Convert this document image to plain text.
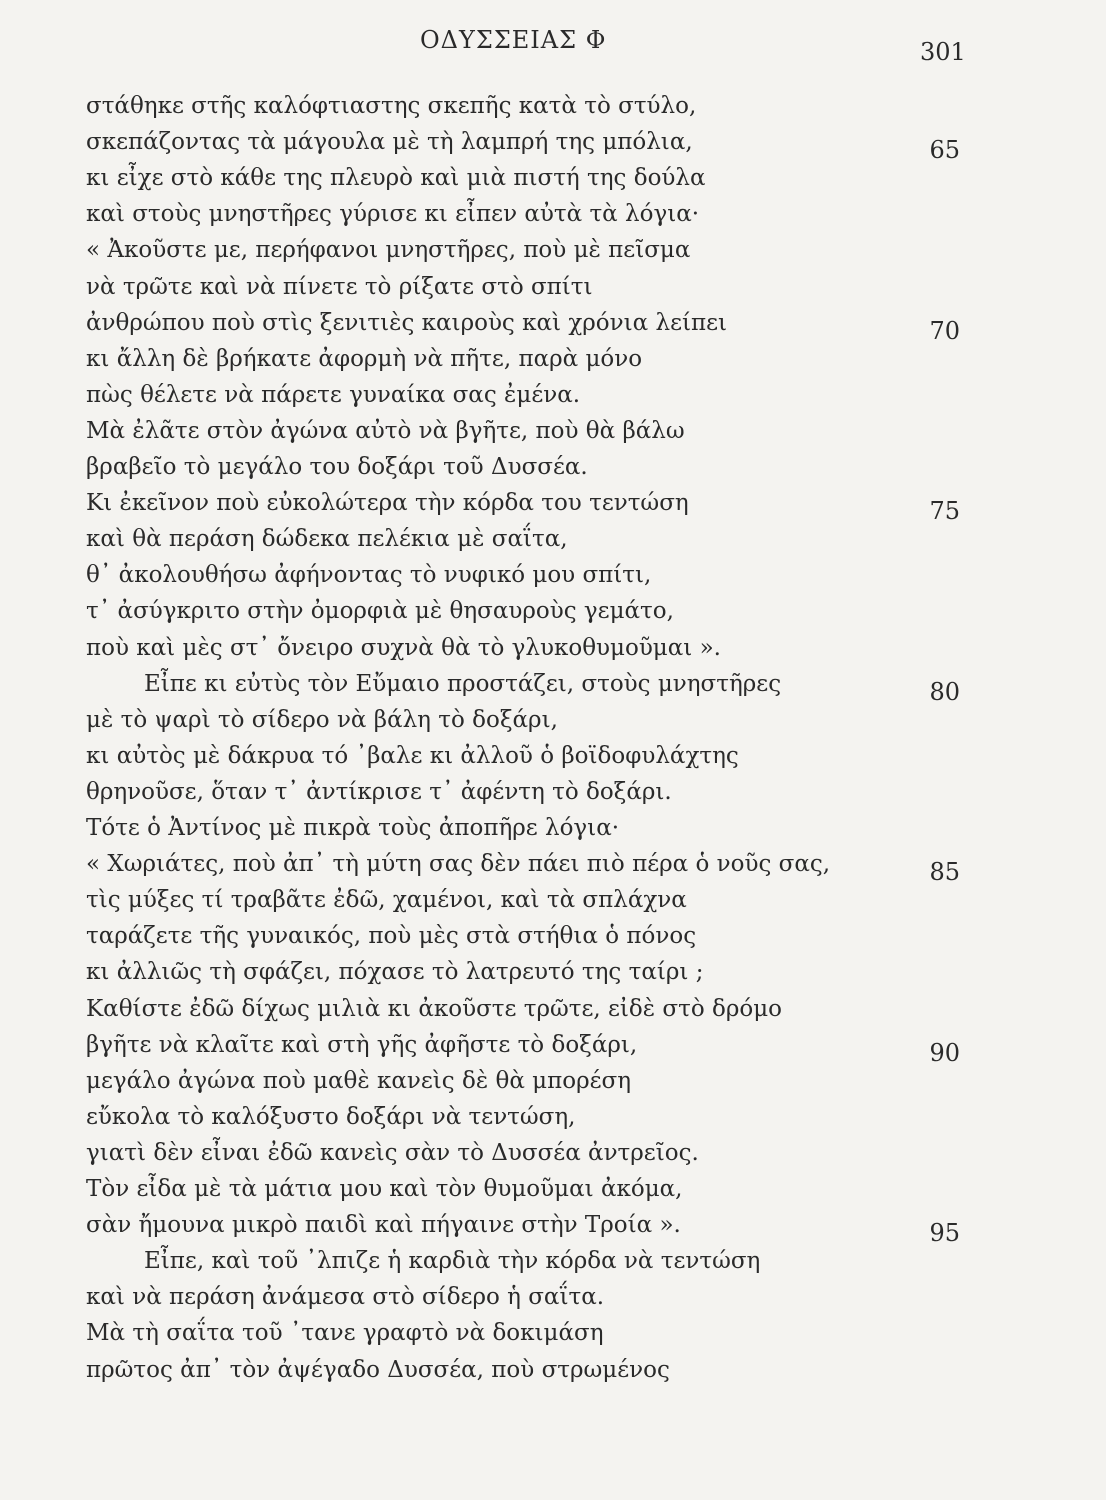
ΟΔΥΣΣΕΙΑΣ Φ	301
στάθηκε στῆς καλόφτιαστης σκεπῆς κατὰ τὸ στύλο,
σκεπάζοντας τὰ μάγουλα μὲ τὴ λαμπρή της μπόλια,	65
κι εἶχε στὸ κάθε της πλευρὸ καὶ μιὰ πιστή της δούλα
καὶ στοὺς μνηστῆρες γύρισε κι εἶπεν αὐτὰ τὰ λόγια·
« Ἀκοῦστε με, περήφανοι μνηστῆρες, ποὺ μὲ πεῖσμα
νὰ τρῶτε καὶ νὰ πίνετε τὸ ρίξατε στὸ σπίτι
ἀνθρώπου ποὺ στὶς ξενιτιὲς καιροὺς καὶ χρόνια λείπει	70
κι ἄλλη δὲ βρήκατε ἀφορμὴ νὰ πῆτε, παρὰ μόνο
πὼς θέλετε νὰ πάρετε γυναίκα σας ἐμένα.
Μὰ ἐλᾶτε στὸν ἀγώνα αὐτὸ νὰ βγῆτε, ποὺ θὰ βάλω
βραβεῖο τὸ μεγάλο του δοξάρι τοῦ Δυσσέα.
Κι ἐκεῖνον ποὺ εὐκολώτερα τὴν κόρδα του τεντώση	75
καὶ θὰ περάση δώδεκα πελέκια μὲ σαΐτα,
θ᾽ ἀκολουθήσω ἀφήνοντας τὸ νυφικό μου σπίτι,
τ᾽ ἀσύγκριτο στὴν ὀμορφιὰ μὲ θησαυροὺς γεμάτο,
ποὺ καὶ μὲς στ᾽ ὄνειρο συχνὰ θὰ τὸ γλυκοθυμοῦμαι ».
Εἶπε κι εὐτὺς τὸν Εὔμαιο προστάζει, στοὺς μνηστῆρες	80
μὲ τὸ ψαρὶ τὸ σίδερο νὰ βάλη τὸ δοξάρι,
κι αὐτὸς μὲ δάκρυα τό ᾽βαλε κι ἀλλοῦ ὁ βοϊδοφυλάχτης
θρηνοῦσε, ὅταν τ᾽ ἀντίκρισε τ᾽ ἀφέντη τὸ δοξάρι.
Τότε ὁ Ἀντίνος μὲ πικρὰ τοὺς ἀποπῆρε λόγια·
« Χωριάτες, ποὺ ἀπ᾽ τὴ μύτη σας δὲν πάει πιὸ πέρα ὁ νοῦς σας,	85
τὶς μύξες τί τραβᾶτε ἐδῶ, χαμένοι, καὶ τὰ σπλάχνα
ταράζετε τῆς γυναικός, ποὺ μὲς στὰ στήθια ὁ πόνος
κι ἀλλιῶς τὴ σφάζει, πόχασε τὸ λατρευτό της ταίρι ;
Καθίστε ἐδῶ δίχως μιλιὰ κι ἀκοῦστε τρῶτε, εἰδὲ στὸ δρόμο
βγῆτε νὰ κλαῖτε καὶ στὴ γῆς ἀφῆστε τὸ δοξάρι,	90
μεγάλο ἀγώνα ποὺ μαθὲ κανεὶς δὲ θὰ μπορέση
εὔκολα τὸ καλόξυστο δοξάρι νὰ τεντώση,
γιατὶ δὲν εἶναι ἐδῶ κανεὶς σὰν τὸ Δυσσέα ἀντρεῖος.
Τὸν εἶδα μὲ τὰ μάτια μου καὶ τὸν θυμοῦμαι ἀκόμα,
σὰν ἤμουνα μικρὸ παιδὶ καὶ πήγαινε στὴν Τροία ».	95
Εἶπε, καὶ τοῦ ᾽λπιζε ἡ καρδιὰ τὴν κόρδα νὰ τεντώση
καὶ νὰ περάση ἀνάμεσα στὸ σίδερο ἡ σαΐτα.
Μὰ τὴ σαΐτα τοῦ ᾽τανε γραφτὸ νὰ δοκιμάση
πρῶτος ἀπ᾽ τὸν ἀψέγαδο Δυσσέα, ποὺ στρωμένος
